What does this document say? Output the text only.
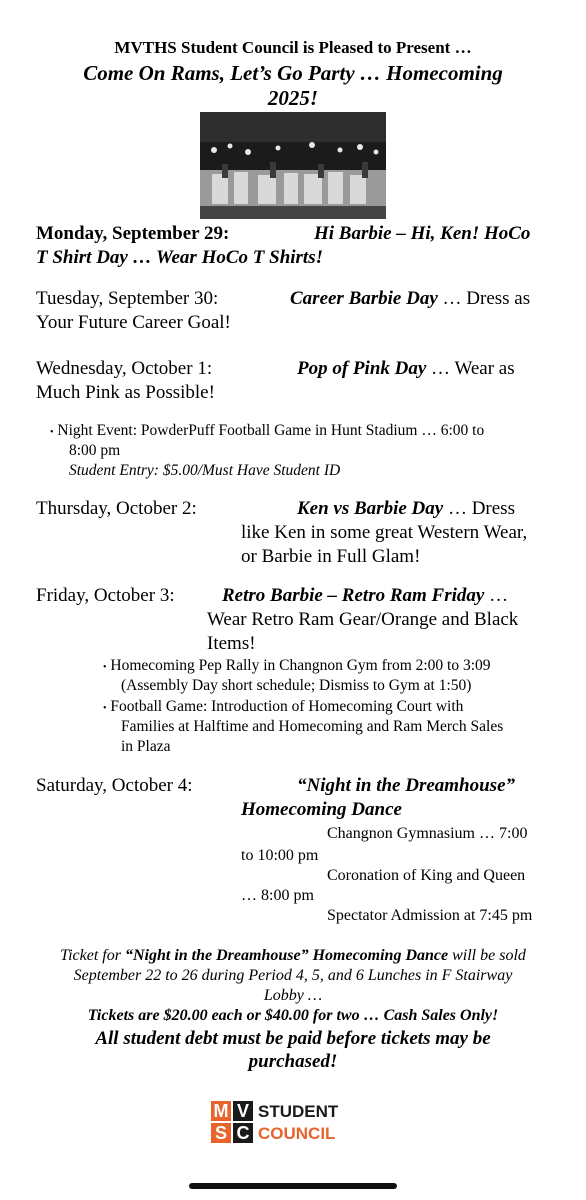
MVTHS Student Council is Pleased to Present …
Come On Rams, Let’s Go Party … Homecoming
2025!
Monday, September 29:	Hi Barbie – Hi, Ken! HoCo
T Shirt Day … Wear HoCo T Shirts!
Tuesday, September 30:	Career Barbie Day … Dress as
Your Future Career Goal!
Wednesday, October 1:	Pop of Pink Day … Wear as
Much Pink as Possible!
• Night Event: PowderPuff Football Game in Hunt Stadium … 6:00 to
8:00 pm
Student Entry: $5.00/Must Have Student ID
Thursday, October 2:	Ken vs Barbie Day … Dress
like Ken in some great Western Wear,
or Barbie in Full Glam!
Friday, October 3: Retro Barbie – Retro Ram Friday …
Wear Retro Ram Gear/Orange and Black
Items!
• Homecoming Pep Rally in Changnon Gym from 2:00 to 3:09
(Assembly Day short schedule; Dismiss to Gym at 1:50)
• Football Game: Introduction of Homecoming Court with
Families at Halftime and Homecoming and Ram Merch Sales
in Plaza
Saturday, October 4:	“Night in the Dreamhouse”
Homecoming Dance
Changnon Gymnasium … 7:00
to 10:00 pm
Coronation of King and Queen
… 8:00 pm
Spectator Admission at 7:45 pm
Ticket for “Night in the Dreamhouse” Homecoming Dance will be sold
September 22 to 26 during Period 4, 5, and 6 Lunches in F Stairway
Lobby …
Tickets are $20.00 each or $40.00 for two … Cash Sales Only!
All student debt must be paid before tickets may be
purchased!
M V
S C
STUDENT
COUNCIL
